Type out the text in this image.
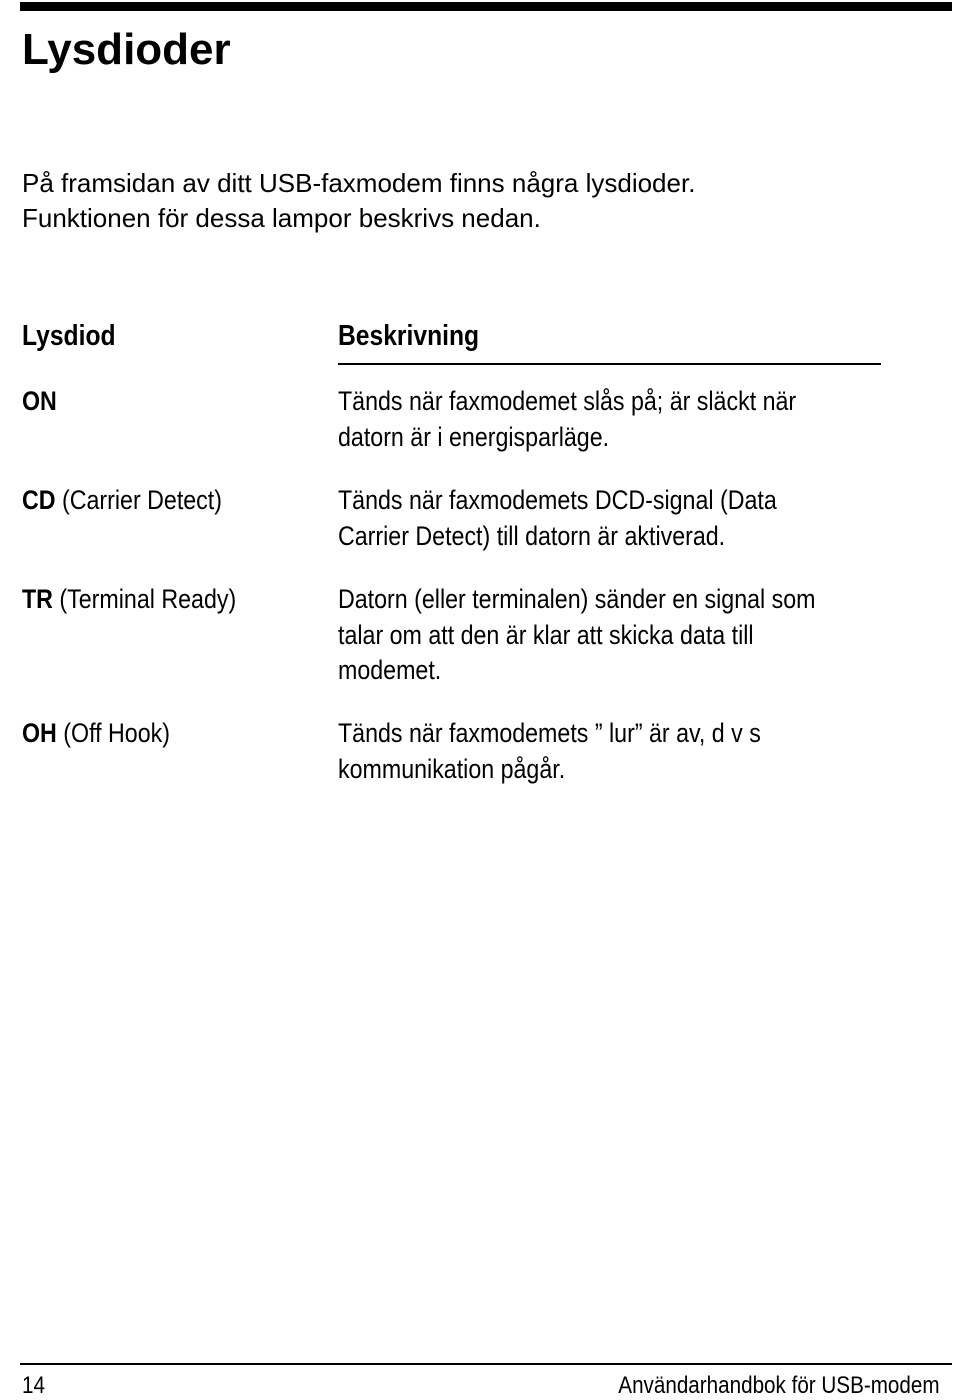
Lysdioder

På framsidan av ditt USB-faxmodem finns några lysdioder.
Funktionen för dessa lampor beskrivs nedan.

Lysdiod	Beskrivning
ON	Tänds när faxmodemet slås på; är släckt när
datorn är i energisparläge.
CD (Carrier Detect)	Tänds när faxmodemets DCD-signal (Data
Carrier Detect) till datorn är aktiverad.
TR (Terminal Ready)	Datorn (eller terminalen) sänder en signal som
talar om att den är klar att skicka data till
modemet.
OH (Off Hook)	Tänds när faxmodemets ” lur” är av, d v s
kommunikation pågår.
14	Användarhandbok för USB-modem
